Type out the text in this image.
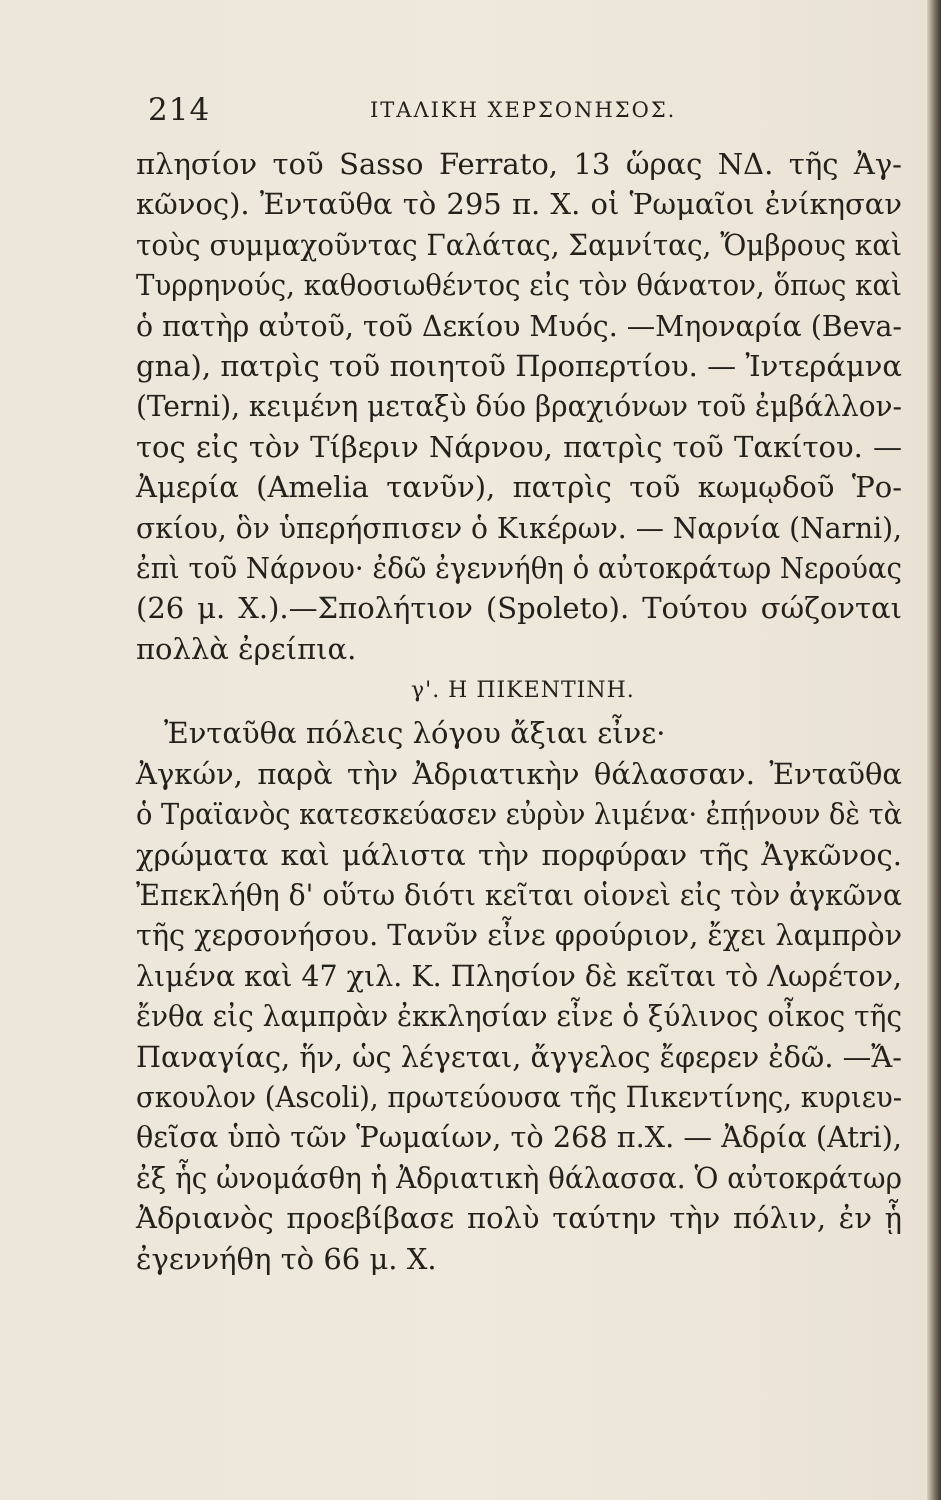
214	ΙΤΑΛΙΚΗ ΧΕΡΣΟΝΗΣΟΣ.
πλησίον τοῦ Sasso Ferrato, 13 ὥρας ΝΔ. τῆς Ἀγ-
κῶνος). Ἐνταῦθα τὸ 295 π. Χ. οἱ Ῥωμαῖοι ἐνίκησαν
τοὺς συμμαχοῦντας Γαλάτας, Σαμνίτας, Ὄμβρους καὶ
Τυρρηνούς, καθοσιωθέντος εἰς τὸν θάνατον, ὅπως καὶ
ὁ πατὴρ αὐτοῦ, τοῦ Δεκίου Μυός. —Μηοναρία (Beva-
gna), πατρὶς τοῦ ποιητοῦ Προπερτίου. — Ἰντεράμνα
(Terni), κειμένη μεταξὺ δύο βραχιόνων τοῦ ἐμβάλλον-
τος εἰς τὸν Τίβεριν Νάρνου, πατρὶς τοῦ Τακίτου. —
Ἀμερία (Amelia τανῦν), πατρὶς τοῦ κωμῳδοῦ Ῥο-
σκίου, ὃν ὑπερήσπισεν ὁ Κικέρων. — Ναρνία (Narni),
ἐπὶ τοῦ Νάρνου· ἐδῶ ἐγεννήθη ὁ αὐτοκράτωρ Νερούας
(26 μ. Χ.).—Σπολήτιον (Spoleto). Τούτου σώζονται
πολλὰ ἐρείπια.
γ'. Η ΠΙΚΕΝΤΙΝΗ.
Ἐνταῦθα πόλεις λόγου ἄξιαι εἶνε·
Ἀγκών, παρὰ τὴν Ἀδριατικὴν θάλασσαν. Ἐνταῦθα
ὁ Τραϊανὸς κατεσκεύασεν εὐρὺν λιμένα· ἐπῄνουν δὲ τὰ
χρώματα καὶ μάλιστα τὴν πορφύραν τῆς Ἀγκῶνος.
Ἐπεκλήθη δ' οὕτω διότι κεῖται οἱονεὶ εἰς τὸν ἀγκῶνα
τῆς χερσονήσου. Τανῦν εἶνε φρούριον, ἔχει λαμπρὸν
λιμένα καὶ 47 χιλ. Κ. Πλησίον δὲ κεῖται τὸ Λωρέτον,
ἔνθα εἰς λαμπρὰν ἐκκλησίαν εἶνε ὁ ξύλινος οἶκος τῆς
Παναγίας, ἥν, ὡς λέγεται, ἄγγελος ἔφερεν ἐδῶ. —Ἄ-
σκουλον (Ascoli), πρωτεύουσα τῆς Πικεντίνης, κυριευ-
θεῖσα ὑπὸ τῶν Ῥωμαίων, τὸ 268 π.Χ. — Ἀδρία (Atri),
ἐξ ἧς ὠνομάσθη ἡ Ἀδριατικὴ θάλασσα. Ὁ αὐτοκράτωρ
Ἀδριανὸς προεβίβασε πολὺ ταύτην τὴν πόλιν, ἐν ᾗ
ἐγεννήθη τὸ 66 μ. Χ.
